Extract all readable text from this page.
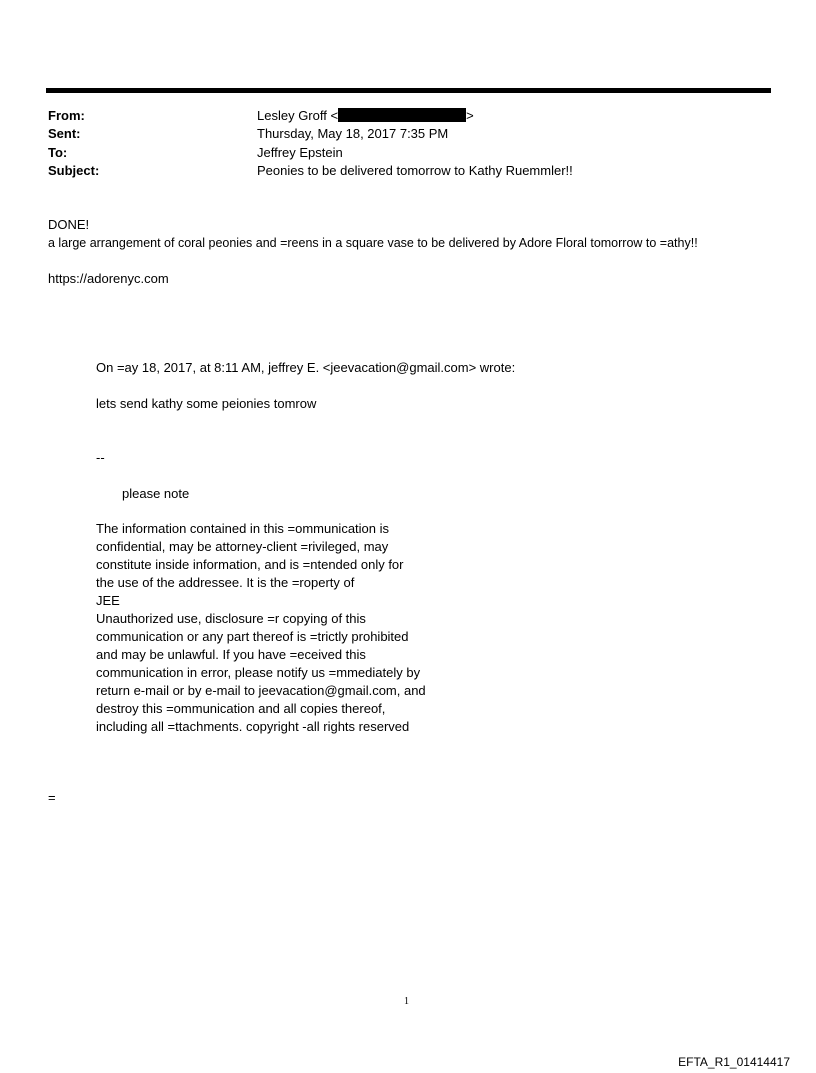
From:	Lesley Groff <	>
Sent:	Thursday, May 18, 2017 7:35 PM
To:	Jeffrey Epstein
Subject:	Peonies to be delivered tomorrow to Kathy Ruemmler!!
DONE!
a large arrangement of coral peonies and =reens in a square vase to be delivered by Adore Floral tomorrow to =athy!!
https://adorenyc.com
On =ay 18, 2017, at 8:11 AM, jeffrey E. <jeevacation@gmail.com> wrote:
lets send kathy some peionies tomrow
--
please note
The information contained in this =ommunication is
confidential, may be attorney-client =rivileged, may
constitute inside information, and is =ntended only for
the use of the addressee. It is the =roperty of
JEE
Unauthorized use, disclosure =r copying of this
communication or any part thereof is =trictly prohibited
and may be unlawful. If you have =eceived this
communication in error, please notify us =mmediately by
return e-mail or by e-mail to jeevacation@gmail.com, and
destroy this =ommunication and all copies thereof,
including all =ttachments. copyright -all rights reserved
=
1
EFTA_R1_01414417
